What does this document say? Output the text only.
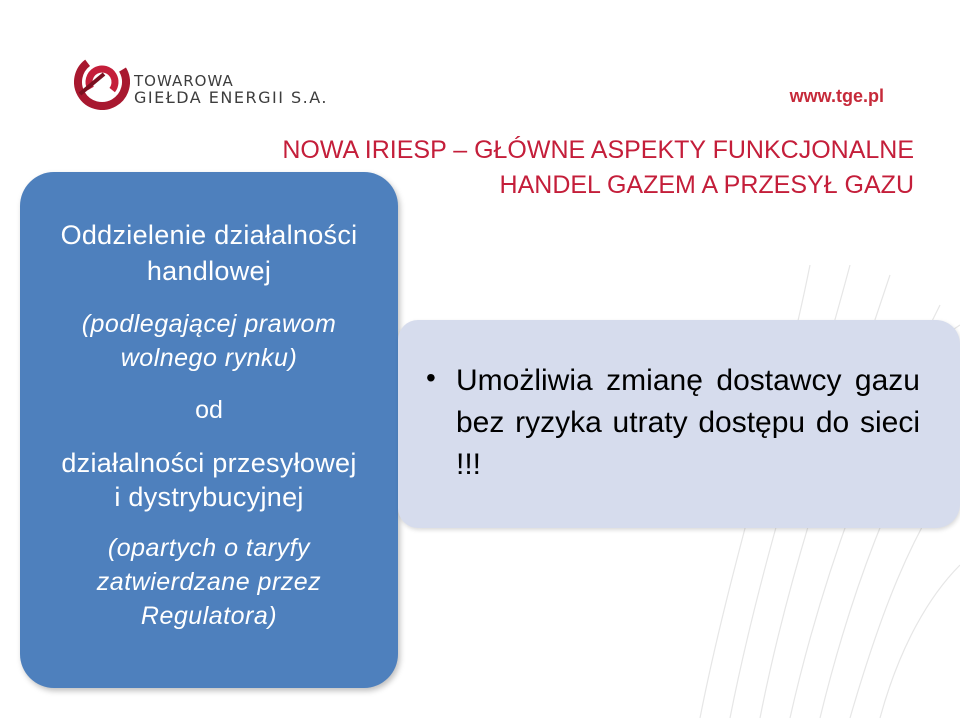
TOWAROWA
GIEŁDA ENERGII S.A.	www.tge.pl
NOWA IRIESP – GŁÓWNE ASPEKTY FUNKCJONALNE
HANDEL GAZEM A PRZESYŁ GAZU
Oddzielenie działalności
handlowej
(podlegającej prawom
wolnego rynku)
od
działalności przesyłowej
i dystrybucyjnej
(opartych o taryfy
zatwierdzane przez
Regulatora)
• Umożliwia zmianę dostawcy gazu bez ryzyka utraty dostępu do sieci !!!
